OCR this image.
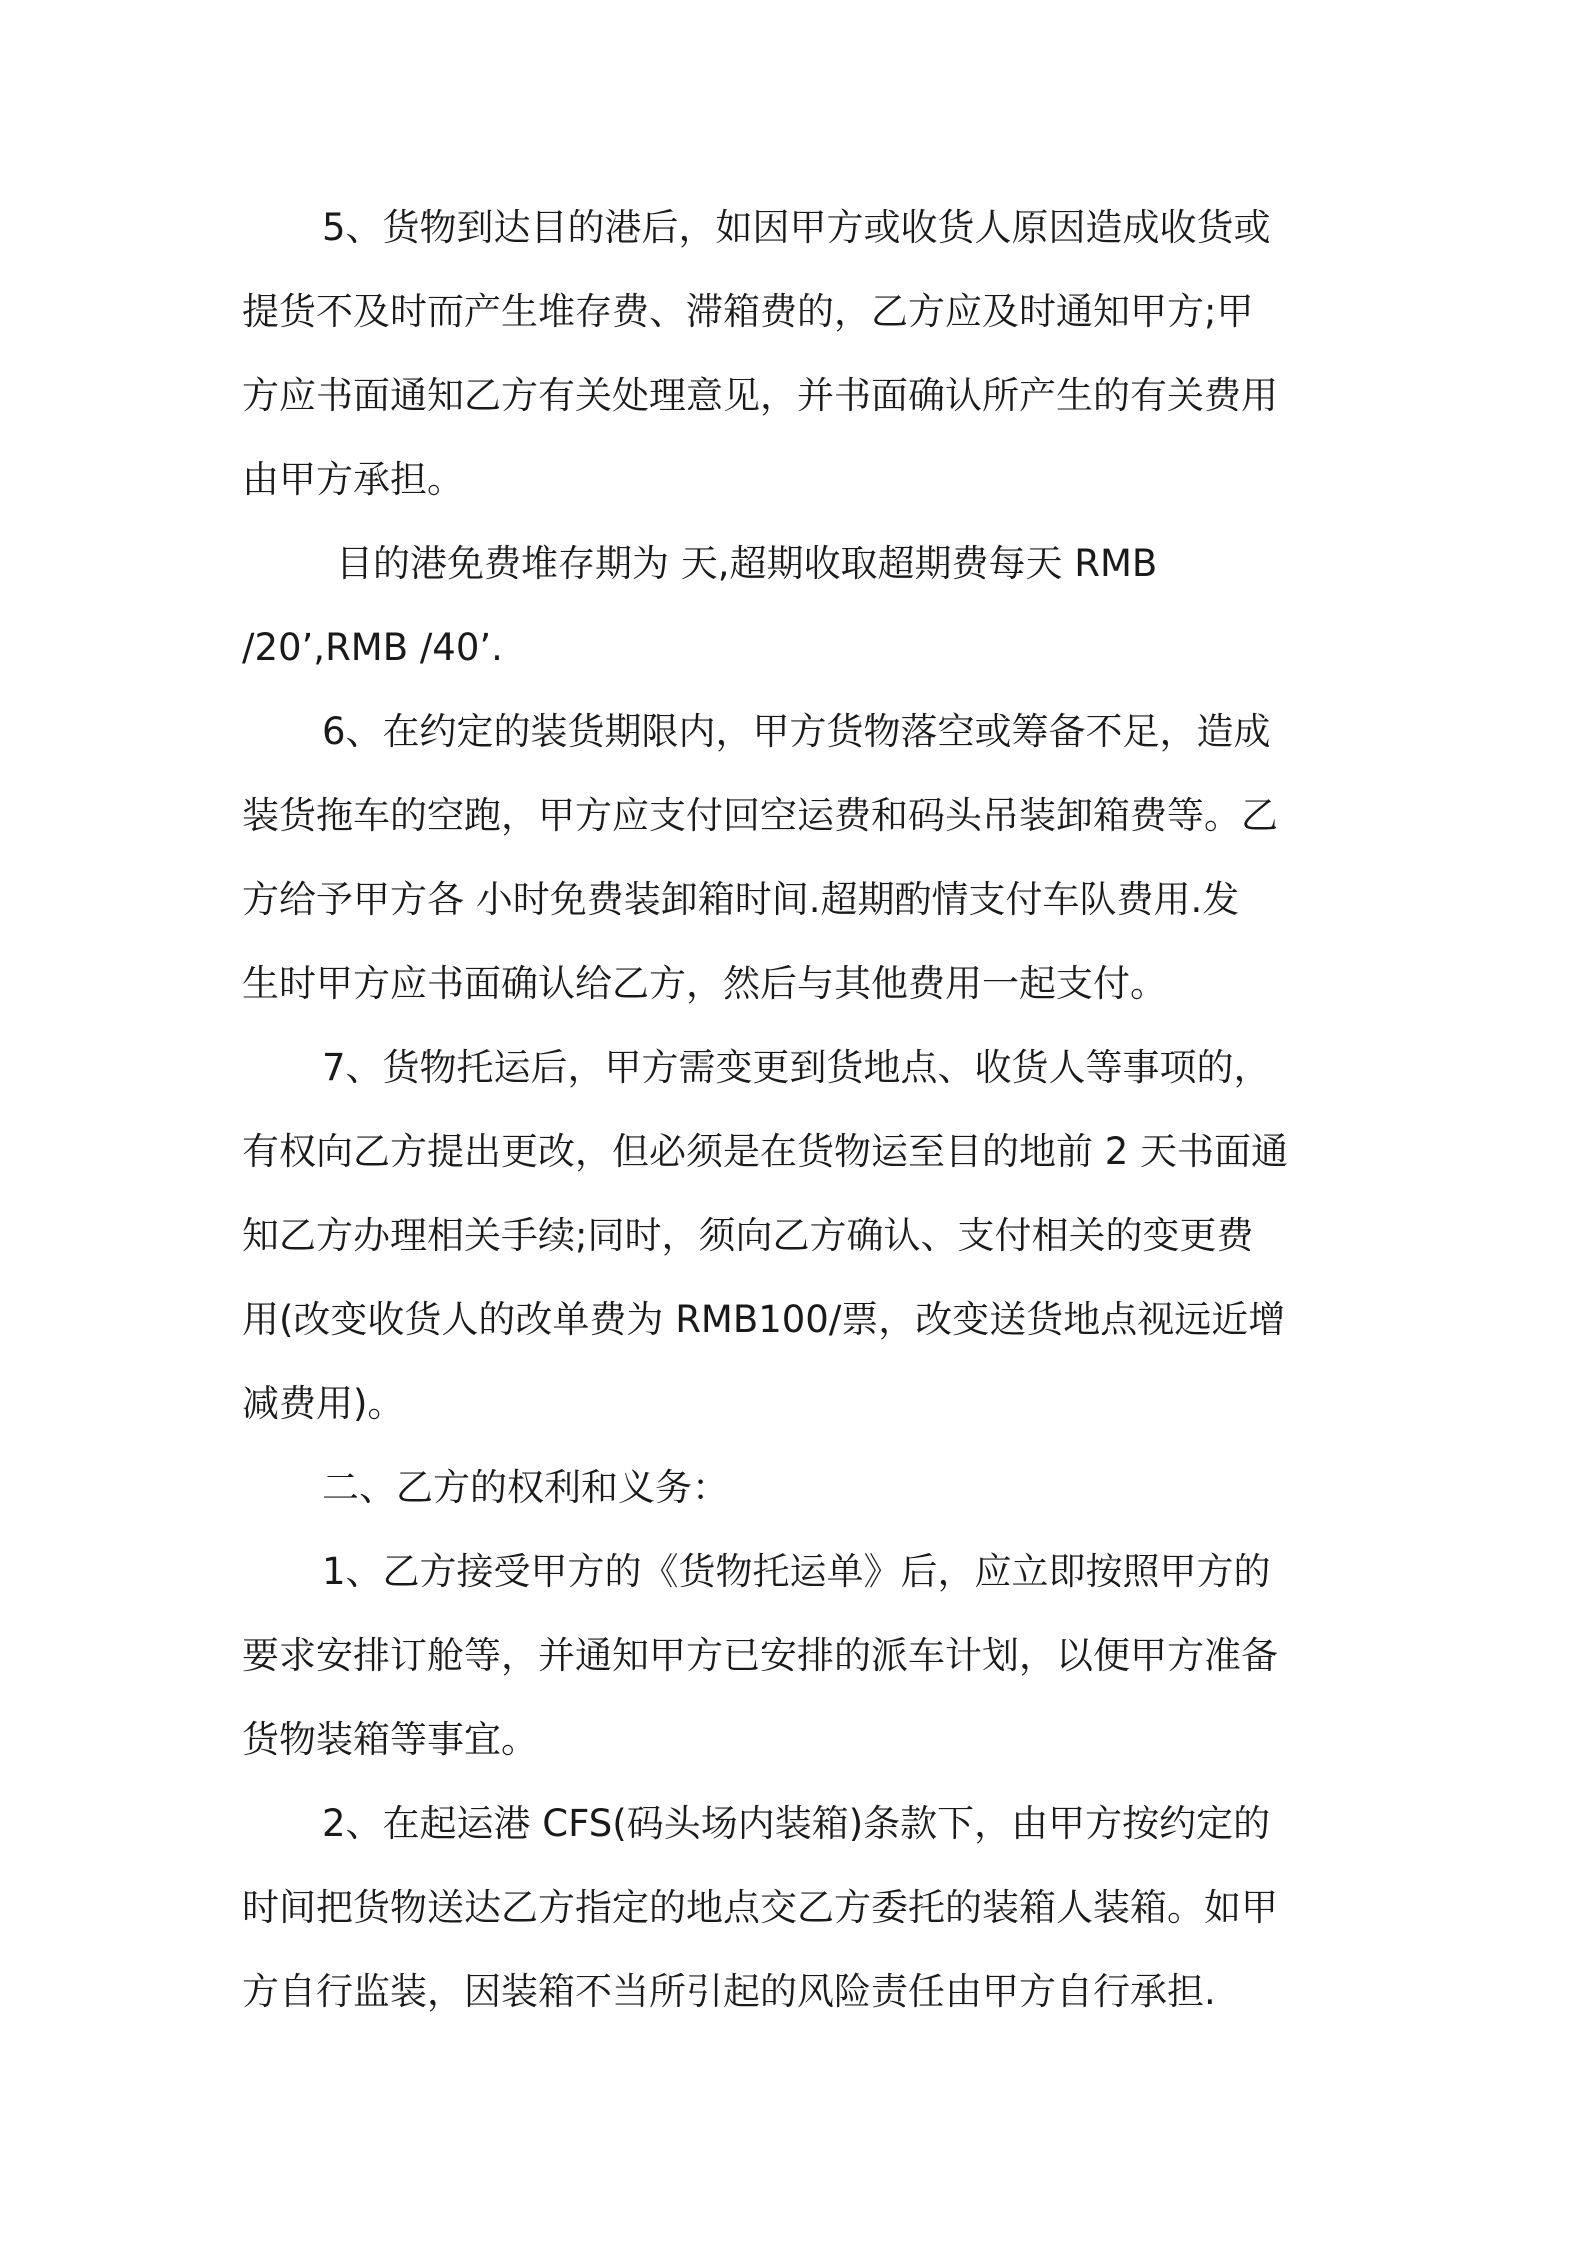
5、货物到达目的港后，如因甲方或收货人原因造成收货或

提货不及时而产生堆存费、滞箱费的，乙方应及时通知甲方;甲

方应书面通知乙方有关处理意见，并书面确认所产生的有关费用

由甲方承担。

目的港免费堆存期为 天,超期收取超期费每天 RMB

/20’,RMB /40’.

6、在约定的装货期限内，甲方货物落空或筹备不足，造成

装货拖车的空跑，甲方应支付回空运费和码头吊装卸箱费等。乙

方给予甲方各 小时免费装卸箱时间.超期酌情支付车队费用.发

生时甲方应书面确认给乙方，然后与其他费用一起支付。

7、货物托运后，甲方需变更到货地点、收货人等事项的，

有权向乙方提出更改，但必须是在货物运至目的地前 2 天书面通

知乙方办理相关手续;同时，须向乙方确认、支付相关的变更费

用(改变收货人的改单费为 RMB100/票，改变送货地点视远近增

减费用)。

二、乙方的权利和义务：

1、乙方接受甲方的《货物托运单》后，应立即按照甲方的

要求安排订舱等，并通知甲方已安排的派车计划，以便甲方准备

货物装箱等事宜。

2、在起运港 CFS(码头场内装箱)条款下，由甲方按约定的

时间把货物送达乙方指定的地点交乙方委托的装箱人装箱。如甲

方自行监装，因装箱不当所引起的风险责任由甲方自行承担.
